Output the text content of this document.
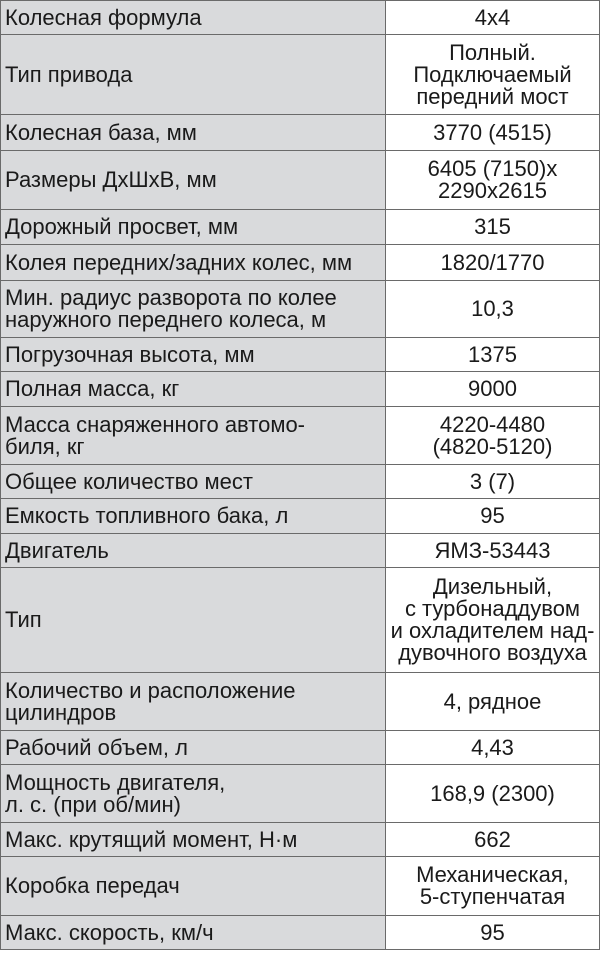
Колесная формула	4x4
Тип привода	Полный.
Подключаемый
передний мост
Колесная база, мм	3770 (4515)
Размеры ДхШхВ, мм	6405 (7150)х
2290х2615
Дорожный просвет, мм	315
Колея передних/задних колес, мм	1820/1770
Мин. радиус разворота по колее
наружного переднего колеса, м	10,3
Погрузочная высота, мм	1375
Полная масса, кг	9000
Масса снаряженного автомо-
биля, кг	4220-4480
(4820-5120)
Общее количество мест	3 (7)
Емкость топливного бака, л	95
Двигатель	ЯМЗ-53443
Тип	Дизельный,
с турбонаддувом
и охладителем над-
дувочного воздуха
Количество и расположение
цилиндров	4, рядное
Рабочий объем, л	4,43
Мощность двигателя,
л. с. (при об/мин)	168,9 (2300)
Макс. крутящий момент, Н·м	662
Коробка передач	Механическая,
5-ступенчатая
Макс. скорость, км/ч	95
